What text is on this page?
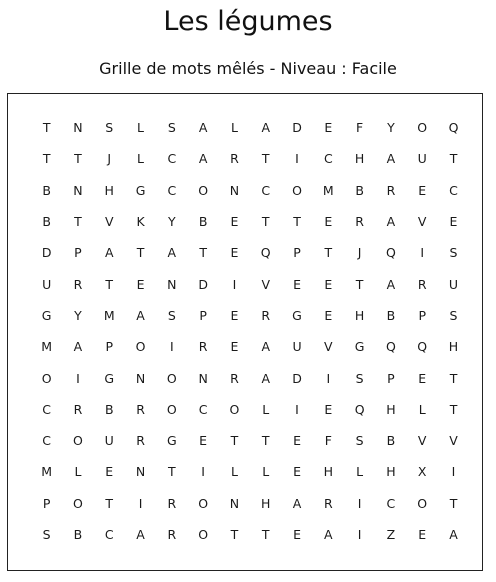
Les légumes
Grille de mots mêlés - Niveau : Facile
T	N	S	L	S	A	L	A	D	E	F	Y	O	Q
T	T	J	L	C	A	R	T	I	C	H	A	U	T
B	N	H	G	C	O	N	C	O	M	B	R	E	C
B	T	V	K	Y	B	E	T	T	E	R	A	V	E
D	P	A	T	A	T	E	Q	P	T	J	Q	I	S
U	R	T	E	N	D	I	V	E	E	T	A	R	U
G	Y	M	A	S	P	E	R	G	E	H	B	P	S
M	A	P	O	I	R	E	A	U	V	G	Q	Q	H
O	I	G	N	O	N	R	A	D	I	S	P	E	T
C	R	B	R	O	C	O	L	I	E	Q	H	L	T
C	O	U	R	G	E	T	T	E	F	S	B	V	V
M	L	E	N	T	I	L	L	E	H	L	H	X	I
P	O	T	I	R	O	N	H	A	R	I	C	O	T
S	B	C	A	R	O	T	T	E	A	I	Z	E	A
